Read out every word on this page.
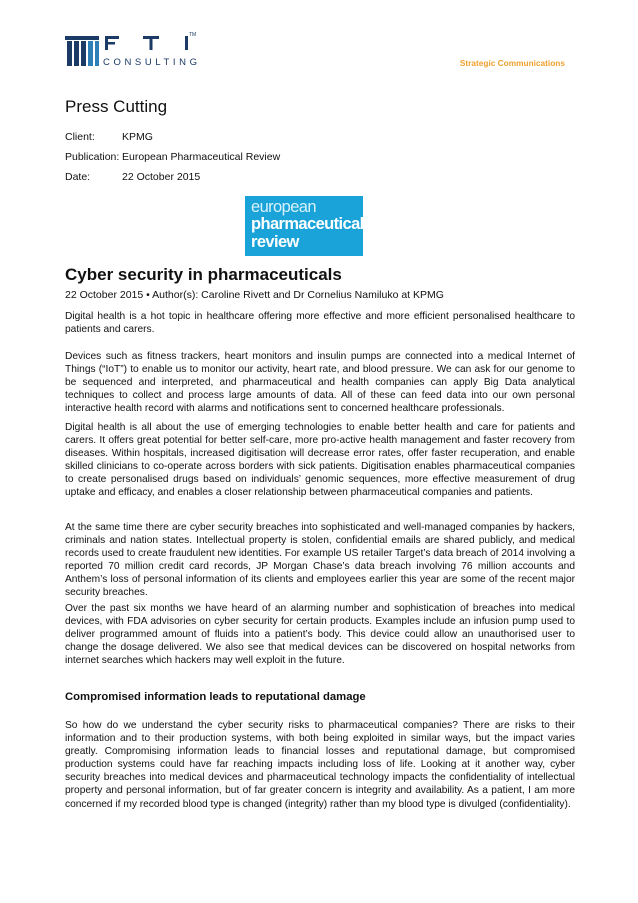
TM
CONSULTING	Strategic Communications
Press Cutting
Client:	KPMG
Publication: European Pharmaceutical Review
Date:	22 October 2015
european
pharmaceutical
review
Cyber security in pharmaceuticals
22 October 2015 • Author(s): Caroline Rivett and Dr Cornelius Namiluko at KPMG

Digital health is a hot topic in healthcare offering more effective and more efficient personalised healthcare to patients and carers.

Devices such as fitness trackers, heart monitors and insulin pumps are connected into a medical Internet of Things (“IoT”) to enable us to monitor our activity, heart rate, and blood pressure. We can ask for our genome to be sequenced and interpreted, and pharmaceutical and health companies can apply Big Data analytical techniques to collect and process large amounts of data. All of these can feed data into our own personal interactive health record with alarms and notifications sent to concerned healthcare professionals.

Digital health is all about the use of emerging technologies to enable better health and care for patients and carers. It offers great potential for better self-care, more pro-active health management and faster recovery from diseases. Within hospitals, increased digitisation will decrease error rates, offer faster recuperation, and enable skilled clinicians to co-operate across borders with sick patients. Digitisation enables pharmaceutical companies to create personalised drugs based on individuals’ genomic sequences, more effective measurement of drug uptake and efficacy, and enables a closer relationship between pharmaceutical companies and patients.

At the same time there are cyber security breaches into sophisticated and well-managed companies by hackers, criminals and nation states. Intellectual property is stolen, confidential emails are shared publicly, and medical records used to create fraudulent new identities. For example US retailer Target’s data breach of 2014 involving a reported 70 million credit card records, JP Morgan Chase’s data breach involving 76 million accounts and Anthem’s loss of personal information of its clients and employees earlier this year are some of the recent major security breaches.

Over the past six months we have heard of an alarming number and sophistication of breaches into medical devices, with FDA advisories on cyber security for certain products. Examples include an infusion pump used to deliver programmed amount of fluids into a patient’s body. This device could allow an unauthorised user to change the dosage delivered. We also see that medical devices can be discovered on hospital networks from internet searches which hackers may well exploit in the future.

Compromised information leads to reputational damage

So how do we understand the cyber security risks to pharmaceutical companies? There are risks to their information and to their production systems, with both being exploited in similar ways, but the impact varies greatly. Compromising information leads to financial losses and reputational damage, but compromised production systems could have far reaching impacts including loss of life. Looking at it another way, cyber security breaches into medical devices and pharmaceutical technology impacts the confidentiality of intellectual property and personal information, but of far greater concern is integrity and availability. As a patient, I am more concerned if my recorded blood type is changed (integrity) rather than my blood type is divulged (confidentiality).
